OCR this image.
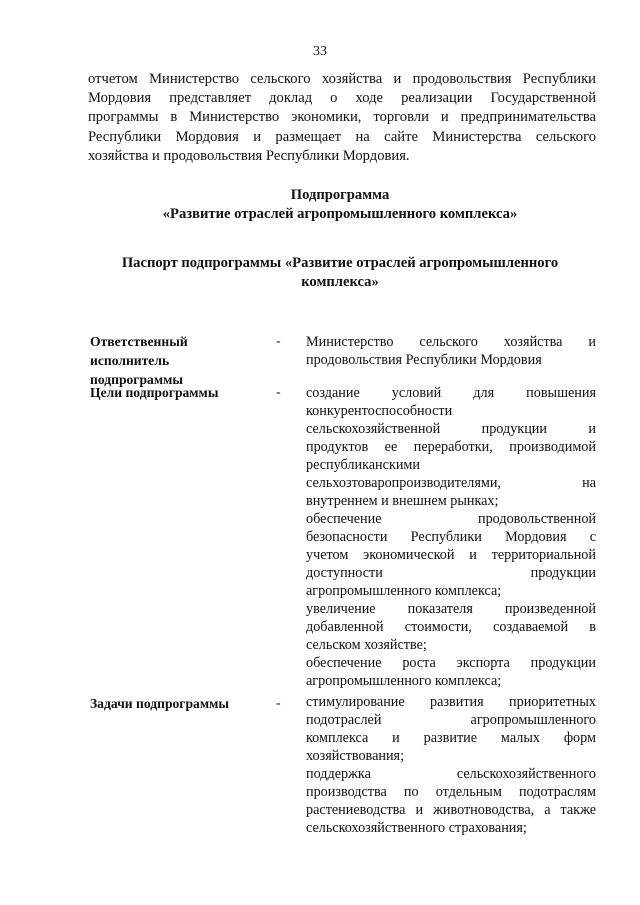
33
отчетом Министерство сельского хозяйства и продовольствия Республики
Мордовия представляет доклад о ходе реализации Государственной
программы в Министерство экономики, торговли и предпринимательства
Республики Мордовия и размещает на сайте Министерства сельского
хозяйства и продовольствия Республики Мордовия.
Подпрограмма
«Развитие отраслей агропромышленного комплекса»
Паспорт подпрограммы «Развитие отраслей агропромышленного
комплекса»
Ответственный
исполнитель
подпрограммы
- Министерство сельского хозяйства и
продовольствия Республики Мордовия
Цели подпрограммы	- создание условий для повышения
конкурентоспособности
сельскохозяйственной продукции и
продуктов ее переработки, производимой
республиканскими
сельхозтоваропроизводителями, на
внутреннем и внешнем рынках;
обеспечение продовольственной
безопасности Республики Мордовия с
учетом экономической и территориальной
доступности продукции
агропромышленного комплекса;
увеличение показателя произведенной
добавленной стоимости, создаваемой в
сельском хозяйстве;
обеспечение роста экспорта продукции
агропромышленного комплекса;
Задачи подпрограммы	- стимулирование развития приоритетных
подотраслей агропромышленного
комплекса и развитие малых форм
хозяйствования;
поддержка сельскохозяйственного
производства по отдельным подотраслям
растениеводства и животноводства, а также
сельскохозяйственного страхования;
